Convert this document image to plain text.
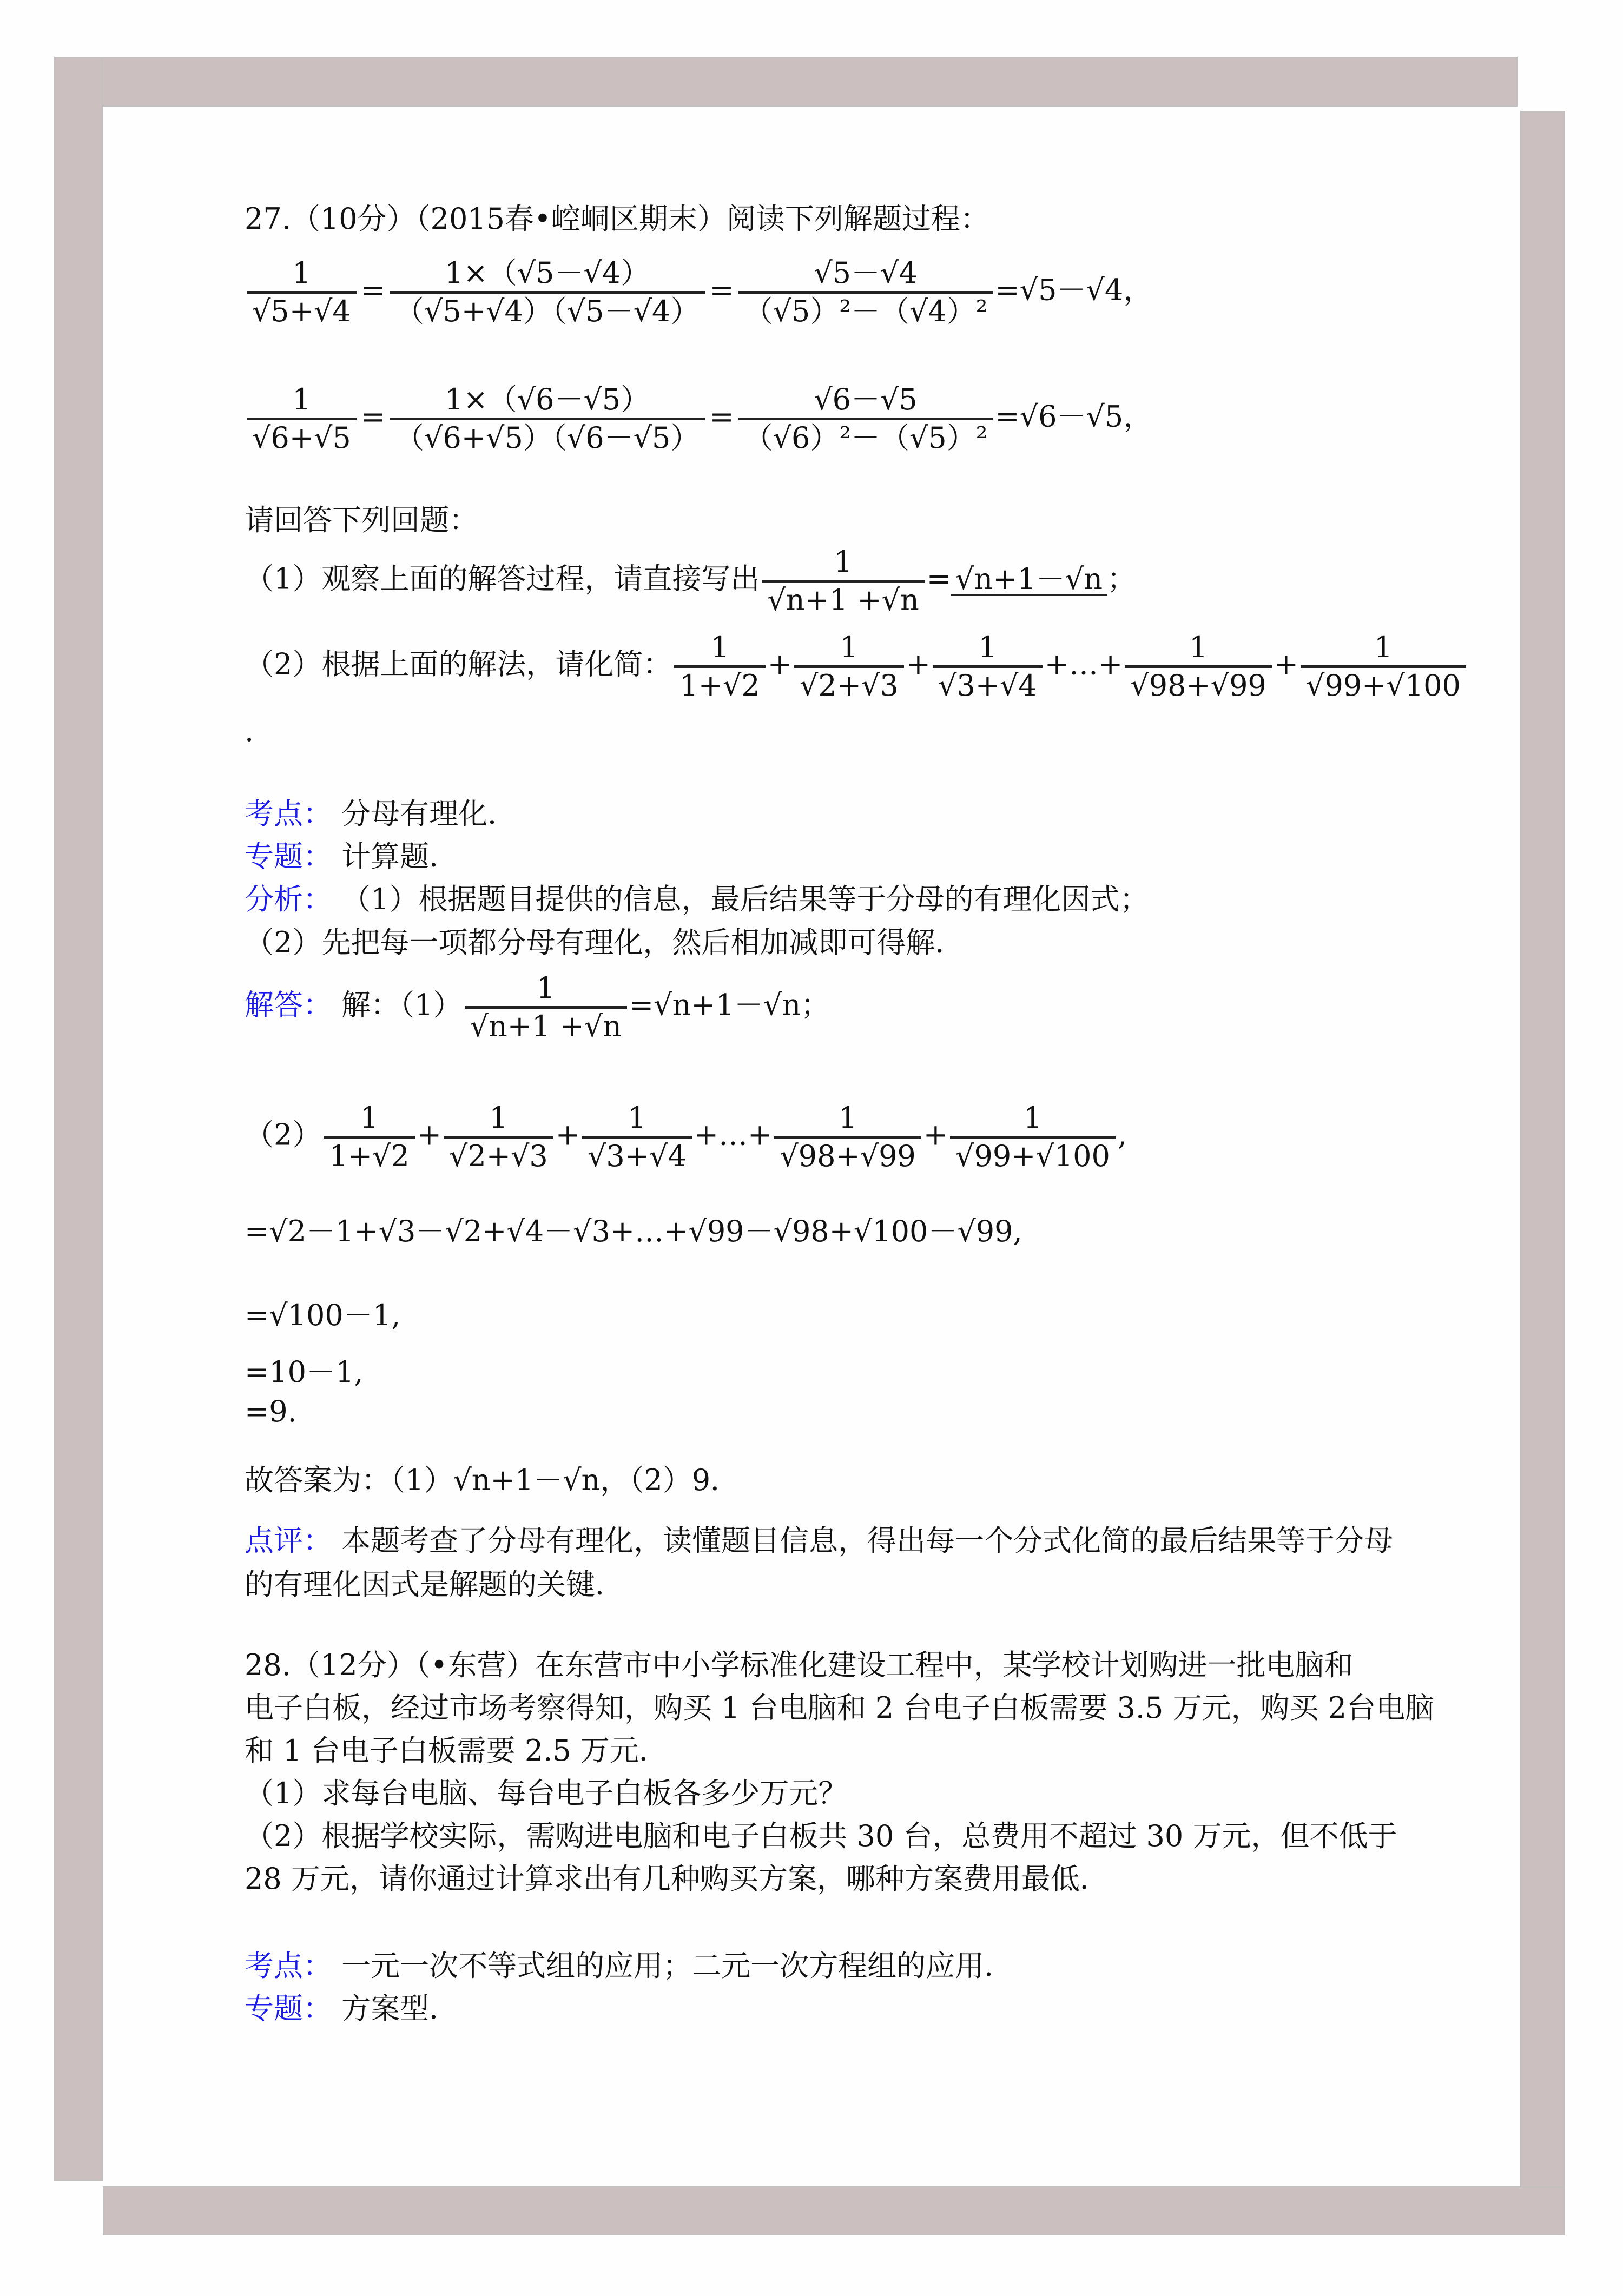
27.（10分）（2015春•崆峒区期末）阅读下列解题过程：
$\frac{1}{√5+√4} = \frac{1\times(√5-√4)}{(√5+√4)(√5-√4)} = \frac{√5-√4}{\text{（√5）²－（√4）²}} =√5-√4$，
$\frac{1}{√6+√5} = \frac{1\times(√6-√5)}{(√6+√5)(√6-√5)} = \frac{√6-√5}{\text{（√6）²－（√5）²}} =√6-√5$，
请回答下列回题：
（1）观察上面的解答过程，请直接写出 $\frac{1}{√n+1 +√n} = √n+1-√n$ ；
（2）根据上面的解法，请化简： $\frac{1}{1+√2} + \frac{1}{√2+√3} + \frac{1}{√3+√4}$ +…+ $\frac{1}{√98+√99} + \frac{1}{√99+√100}$
.
考点： 分母有理化．
专题： 计算题．
分析： （1）根据题目提供的信息，最后结果等于分母的有理化因式；
（2）先把每一项都分母有理化，然后相加减即可得解．
解答： 解：$(1) \frac{1}{√n+1 +√n} =√n+1-√n$；
$(2) \frac{1}{1+√2} + \frac{1}{√2+√3} + \frac{1}{√3+√4}$ +…+ $\frac{1}{√98+√99} + \frac{1}{√99+√100}$ ,
=√2－1+√3－√2+√4－√3+…+√99－√98+√100－√99,
=√100－1,
=10－1,
=9.
故答案为：（1）√n+1－√n，（2）9．
点评： 本题考查了分母有理化，读懂题目信息，得出每一个分式化简的最后结果等于分母
的有理化因式是解题的关键．
28.（12分）（•东营）在东营市中小学标准化建设工程中，某学校计划购进一批电脑和
电子白板，经过市场考察得知，购买 1 台电脑和 2 台电子白板需要 3.5 万元，购买 2台电脑
和 1 台电子白板需要 2.5 万元．
（1）求每台电脑、每台电子白板各多少万元？
（2）根据学校实际，需购进电脑和电子白板共 30 台，总费用不超过 30 万元，但不低于
28 万元，请你通过计算求出有几种购买方案，哪种方案费用最低．
考点： 一元一次不等式组的应用；二元一次方程组的应用．
专题： 方案型．
